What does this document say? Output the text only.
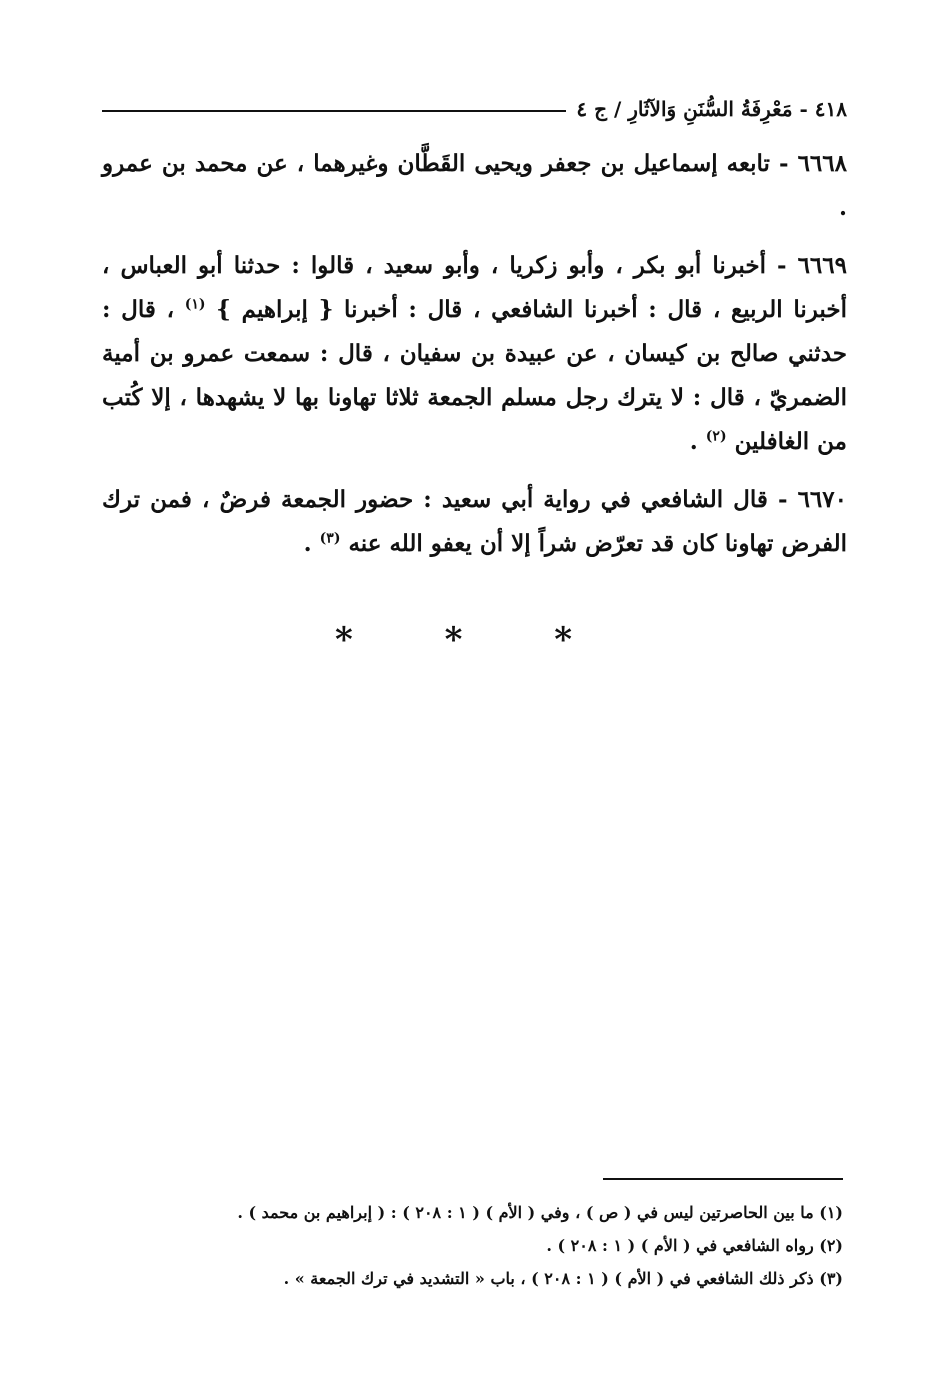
٤١٨ - مَعْرِفَةُ السُّنَنِ وَالآثَارِ / ج ٤

٦٦٦٨ - تابعه إسماعيل بن جعفر ويحيى القَطَّان وغيرهما ، عن محمد بن عمرو .

٦٦٦٩ - أخبرنا أبو بكر ، وأبو زكريا ، وأبو سعيد ، قالوا : حدثنا أبو العباس ، أخبرنا الربيع ، قال : أخبرنا الشافعي ، قال : أخبرنا { إبراهيم } $^{(١)}$ ، قال : حدثني صالح بن كيسان ، عن عبيدة بن سفيان ، قال : سمعت عمرو بن أمية الضمريّ ، قال : لا يترك رجل مسلم الجمعة ثلاثا تهاونا بها لا يشهدها ، إلا كُتب من الغافلين $^{(٢)}$ .

٦٦٧٠ - قال الشافعي في رواية أبي سعيد : حضور الجمعة فرضٌ ، فمن ترك الفرض تهاونا كان قد تعرّض شراً إلا أن يعفو الله عنه $^{(٣)}$ .

* * *

(١) ما بين الحاصرتين ليس في ( ص ) ، وفي ( الأم ) ( ١ : ٢٠٨ ) : ( إبراهيم بن محمد ) .

(٢) رواه الشافعي في ( الأم ) ( ١ : ٢٠٨ ) .

(٣) ذكر ذلك الشافعي في ( الأم ) ( ١ : ٢٠٨ ) ، باب « التشديد في ترك الجمعة » .
